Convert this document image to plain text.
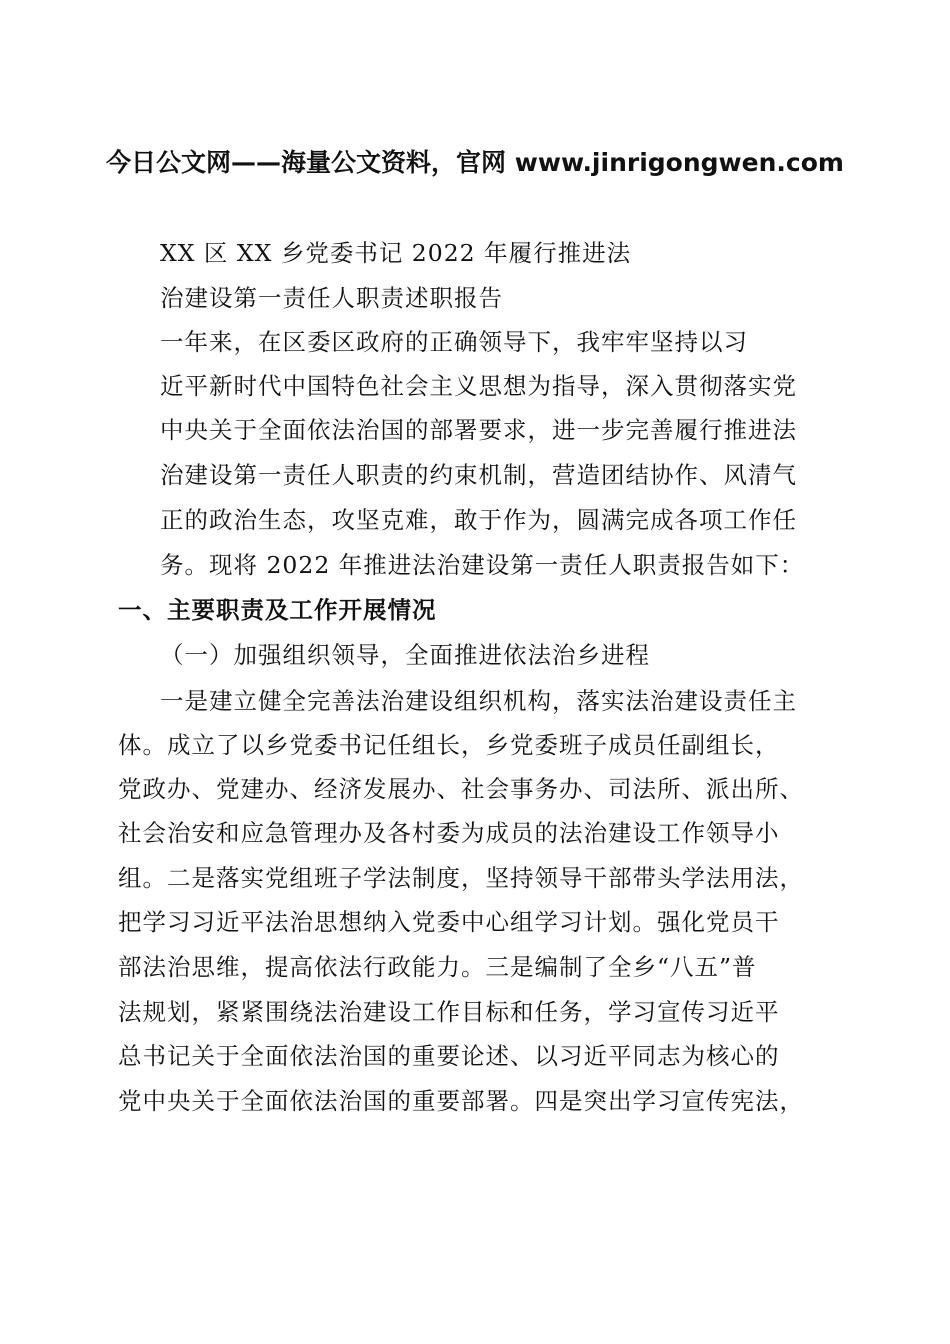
今日公文网——海量公文资料，官网 www.jinrigongwen.com
XX 区 XX 乡党委书记 2022 年履行推进法
治建设第一责任人职责述职报告
一年来，在区委区政府的正确领导下，我牢牢坚持以习
近平新时代中国特色社会主义思想为指导，深入贯彻落实党
中央关于全面依法治国的部署要求，进一步完善履行推进法
治建设第一责任人职责的约束机制，营造团结协作、风清气
正的政治生态，攻坚克难，敢于作为，圆满完成各项工作任
务。现将 2022 年推进法治建设第一责任人职责报告如下：
一、主要职责及工作开展情况
（一）加强组织领导，全面推进依法治乡进程
一是建立健全完善法治建设组织机构，落实法治建设责任主
体。成立了以乡党委书记任组长，乡党委班子成员任副组长，
党政办、党建办、经济发展办、社会事务办、司法所、派出所、
社会治安和应急管理办及各村委为成员的法治建设工作领导小
组。二是落实党组班子学法制度，坚持领导干部带头学法用法，
把学习习近平法治思想纳入党委中心组学习计划。强化党员干
部法治思维，提高依法行政能力。三是编制了全乡“八五”普
法规划，紧紧围绕法治建设工作目标和任务，学习宣传习近平
总书记关于全面依法治国的重要论述、以习近平同志为核心的
党中央关于全面依法治国的重要部署。四是突出学习宣传宪法，
